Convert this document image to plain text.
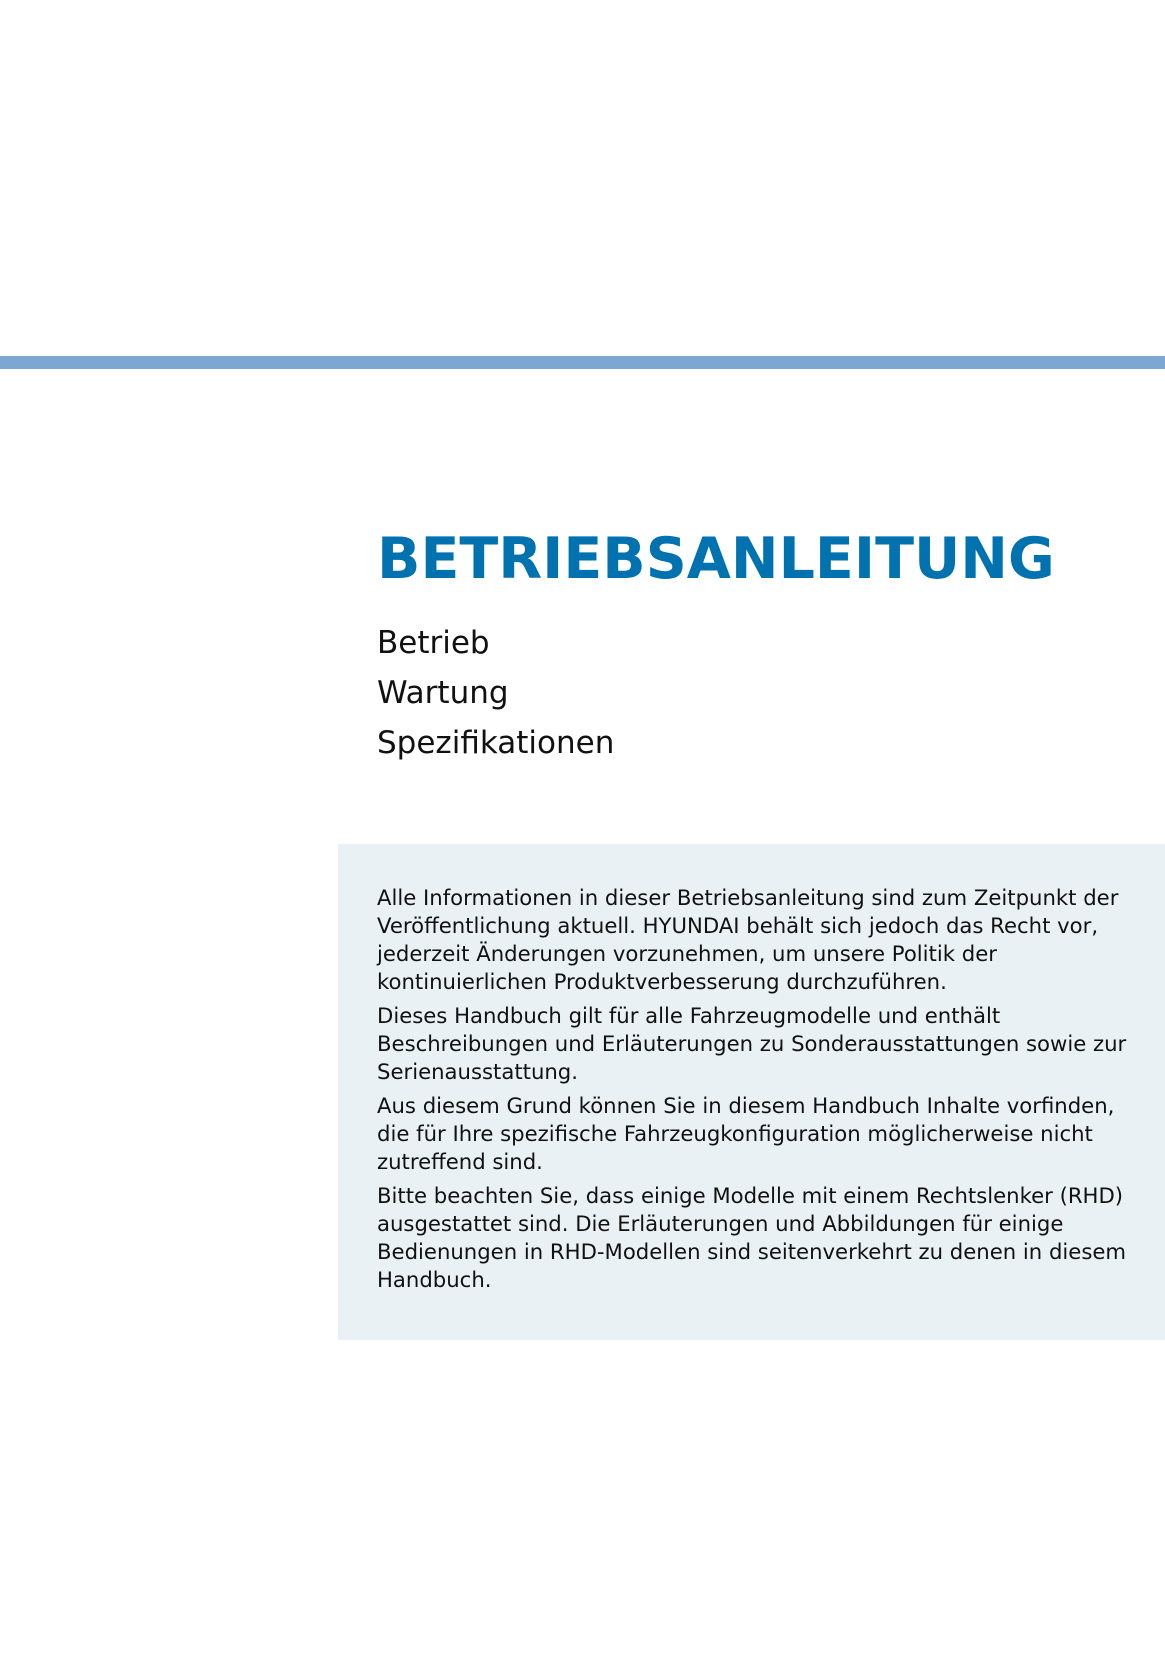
BETRIEBSANLEITUNG
Betrieb
Wartung
Spezifikationen

Alle Informationen in dieser Betriebsanleitung sind zum Zeitpunkt der Veröffentlichung aktuell. HYUNDAI behält sich jedoch das Recht vor, jederzeit Änderungen vorzunehmen, um unsere Politik der kontinuierlichen Produktverbesserung durchzuführen.

Dieses Handbuch gilt für alle Fahrzeugmodelle und enthält Beschreibungen und Erläuterungen zu Sonderausstattungen sowie zur Serienausstattung.

Aus diesem Grund können Sie in diesem Handbuch Inhalte vorfinden, die für Ihre spezifische Fahrzeugkonfiguration möglicherweise nicht zutreffend sind.

Bitte beachten Sie, dass einige Modelle mit einem Rechtslenker (RHD) ausgestattet sind. Die Erläuterungen und Abbildungen für einige Bedienungen in RHD-Modellen sind seitenverkehrt zu denen in diesem Handbuch.
